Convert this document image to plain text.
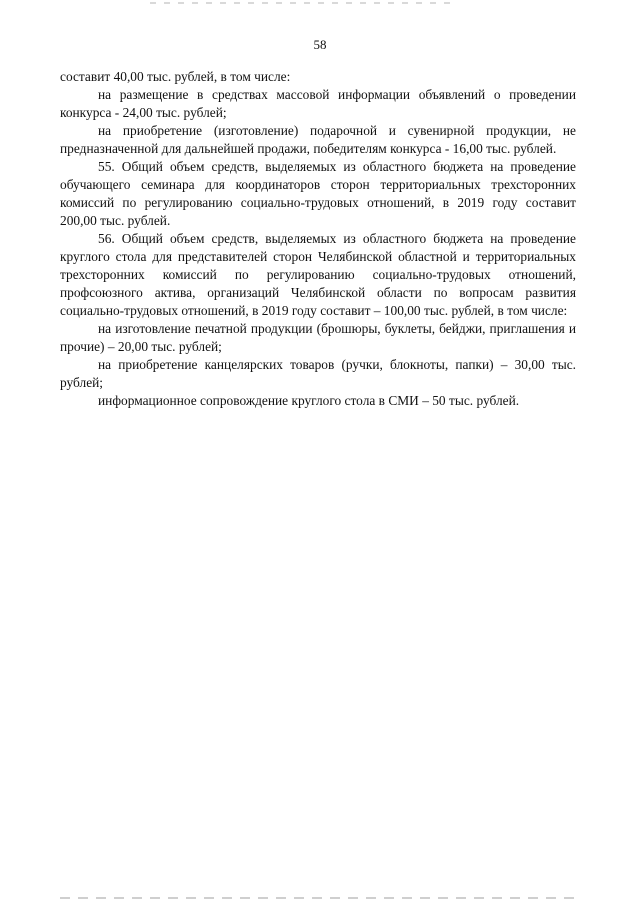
58

составит 40,00 тыс. рублей, в том числе:

на размещение в средствах массовой информации объявлений о проведении конкурса - 24,00 тыс. рублей;

на приобретение (изготовление) подарочной и сувенирной продукции, не предназначенной для дальнейшей продажи, победителям конкурса - 16,00 тыс. рублей.

55. Общий объем средств, выделяемых из областного бюджета на проведение обучающего семинара для координаторов сторон территориальных трехсторонних комиссий по регулированию социально-трудовых отношений, в 2019 году составит 200,00 тыс. рублей.

56. Общий объем средств, выделяемых из областного бюджета на проведение круглого стола для представителей сторон Челябинской областной и территориальных трехсторонних комиссий по регулированию социально-трудовых отношений, профсоюзного актива, организаций Челябинской области по вопросам развития социально-трудовых отношений, в 2019 году составит – 100,00 тыс. рублей, в том числе:

на изготовление печатной продукции (брошюры, буклеты, бейджи, приглашения и прочие) – 20,00 тыс. рублей;

на приобретение канцелярских товаров (ручки, блокноты, папки) – 30,00 тыс. рублей;

информационное сопровождение круглого стола в СМИ – 50 тыс. рублей.
